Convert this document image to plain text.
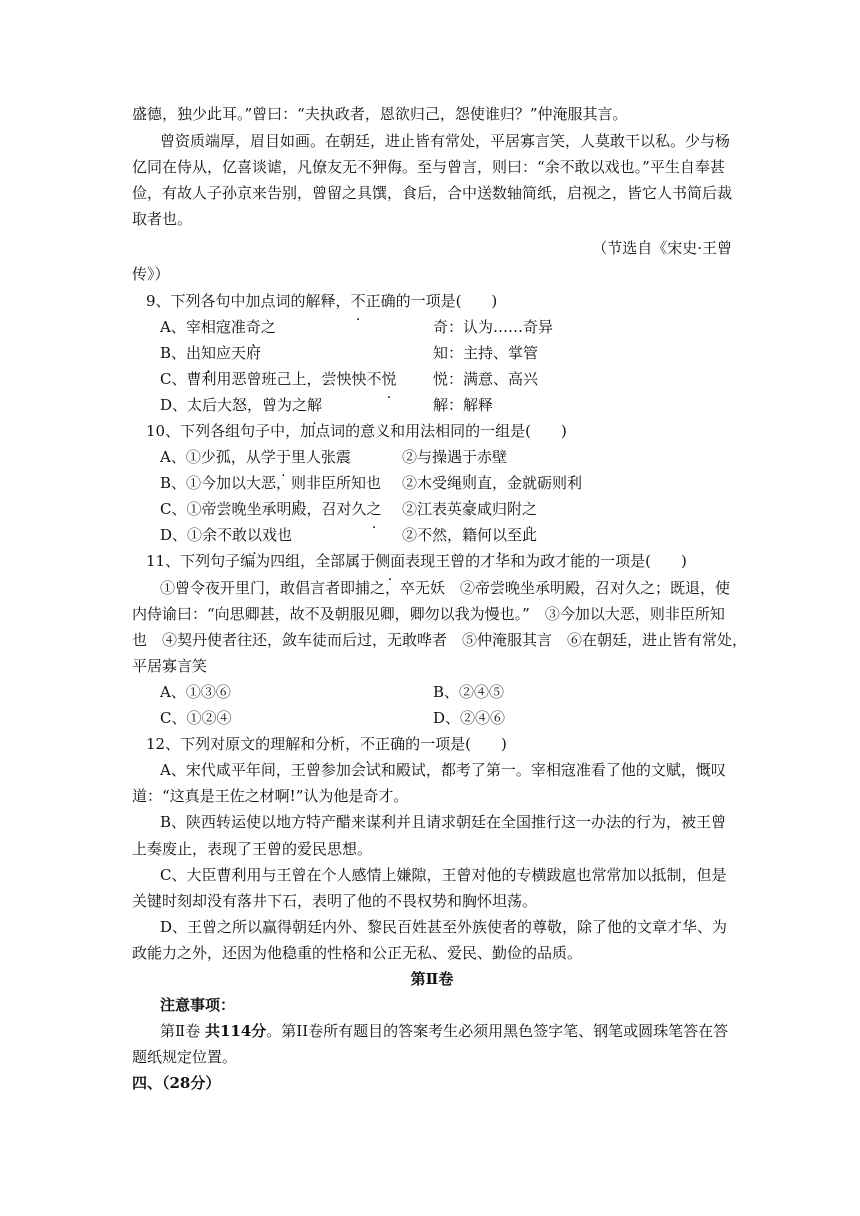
盛德，独少此耳。”曾曰：“夫执政者，恩欲归己，怨使谁归？”仲淹服其言。
曾资质端厚，眉目如画。在朝廷，进止皆有常处，平居寡言笑，人莫敢干以私。少与杨
亿同在侍从，亿喜谈谑，凡僚友无不狎侮。至与曾言，则曰：“余不敢以戏也。”平生自奉甚
俭，有故人子孙京来告别，曾留之具馔，食后，合中送数轴简纸，启视之，皆它人书简后裁
取者也。
（节选自《宋史·王曾
传》）
9、下列各句中加点词的解释，不正确的一项是(　　)
A、宰相寇准奇之	奇：认为……奇异
B、出知应天府	知：主持、掌管
C、曹利用恶曾班己上，尝怏怏不悦 悦：满意、高兴
D、太后大怒，曾为之解	解：解释
10、下列各组句子中，加点词的意义和用法相同的一组是(　　)
A、①少孤，从学于里人张震	②与操遇于赤壁
B、①今加以大恶，则非臣所知也 ②木受绳则直，金就砺则利
C、①帝尝晚坐承明殿，召对久之 ②江表英豪咸归附之
D、①余不敢以戏也	②不然，籍何以至此
11、下列句子编为四组，全部属于侧面表现王曾的才华和为政才能的一项是(　　)
①曾令夜开里门，敢倡言者即捕之，卒无妖　②帝尝晚坐承明殿，召对久之；既退，使
内侍谕曰：“向思卿甚，故不及朝服见卿，卿勿以我为慢也。”　③今加以大恶，则非臣所知
也　④契丹使者往还，敛车徒而后过，无敢哗者　⑤仲淹服其言　⑥在朝廷，进止皆有常处，
平居寡言笑
A、①③⑥	B、②④⑤
C、①②④	D、②④⑥
12、下列对原文的理解和分析，不正确的一项是(　　)
A、宋代咸平年间，王曾参加会试和殿试，都考了第一。宰相寇准看了他的文赋，慨叹
道：“这真是王佐之材啊!”认为他是奇才。
B、陕西转运使以地方特产醋来谋利并且请求朝廷在全国推行这一办法的行为，被王曾
上奏废止，表现了王曾的爱民思想。
C、大臣曹利用与王曾在个人感情上嫌隙，王曾对他的专横跋扈也常常加以抵制，但是
关键时刻却没有落井下石，表明了他的不畏权势和胸怀坦荡。
D、王曾之所以赢得朝廷内外、黎民百姓甚至外族使者的尊敬，除了他的文章才华、为
政能力之外，还因为他稳重的性格和公正无私、爱民、勤俭的品质。
第Ⅱ卷
注意事项：
第Ⅱ卷 共114分。第II卷所有题目的答案考生必须用黑色签字笔、钢笔或圆珠笔答在答
题纸规定位置。
四、（28分）
